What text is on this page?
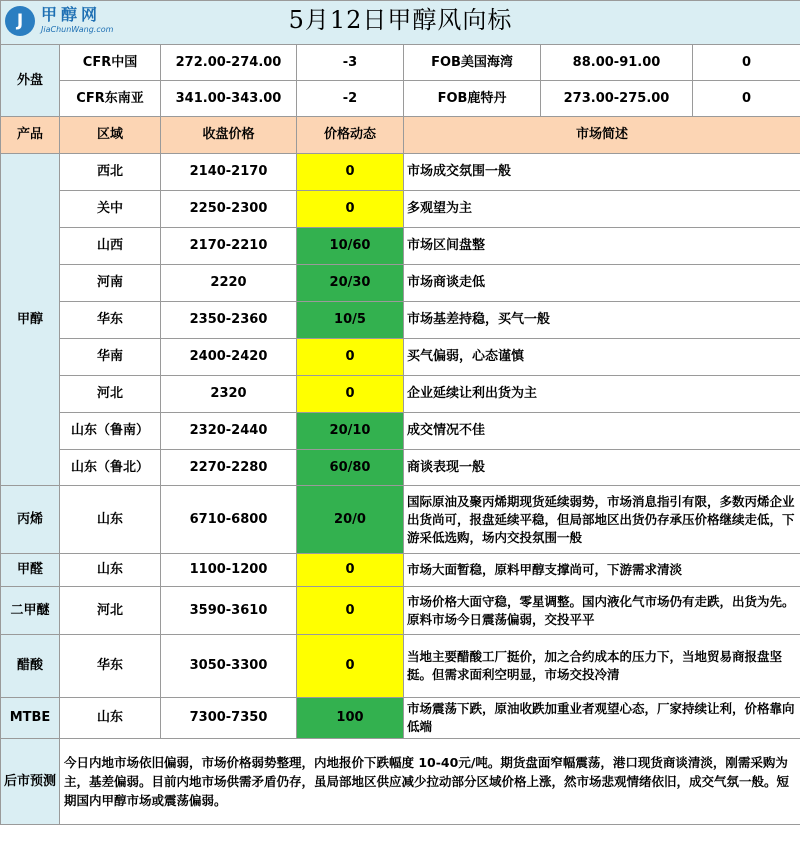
J 甲醇网
JiaChunWang.com 5月12日甲醇风向标						
外盘	CFR中国	272.00-274.00	-3	FOB美国海湾	88.00-91.00	0
	CFR东南亚	341.00-343.00	-2	FOB鹿特丹	273.00-275.00	0
产品	区域	收盘价格	价格动态	市场简述		
甲醇	西北	2140-2170	0	市场成交氛围一般		
	关中	2250-2300	0	多观望为主		
	山西	2170-2210	10/60	市场区间盘整		
	河南	2220	20/30	市场商谈走低		
	华东	2350-2360	10/5	市场基差持稳，买气一般		
	华南	2400-2420	0	买气偏弱，心态谨慎		
	河北	2320	0	企业延续让利出货为主		
	山东（鲁南）	2320-2440	20/10	成交情况不佳		
	山东（鲁北）	2270-2280	60/80	商谈表现一般		
丙烯	山东	6710-6800	20/0	国际原油及聚丙烯期现货延续弱势，市场消息指引有限，多数丙烯企业出货尚可，报盘延续平稳，但局部地区出货仍存承压价格继续走低，下游采低选购，场内交投氛围一般		
甲醛	山东	1100-1200	0	市场大面暂稳，原料甲醇支撑尚可，下游需求清淡		
二甲醚	河北	3590-3610	0	市场价格大面守稳，零星调整。国内液化气市场仍有走跌，出货为先。原料市场今日震荡偏弱，交投平平		
醋酸	华东	3050-3300	0	当地主要醋酸工厂挺价，加之合约成本的压力下，当地贸易商报盘坚挺。但需求面利空明显，市场交投冷清		
MTBE	山东	7300-7350	100	市场震荡下跌，原油收跌加重业者观望心态，厂家持续让利，价格靠向低端		
后市预测	今日内地市场依旧偏弱，市场价格弱势整理，内地报价下跌幅度 10-40元/吨。期货盘面窄幅震荡，港口现货商谈清淡，刚需采购为主，基差偏弱。目前内地市场供需矛盾仍存，虽局部地区供应减少拉动部分区域价格上涨，然市场悲观情绪依旧，成交气氛一般。短期国内甲醇市场或震荡偏弱。					
